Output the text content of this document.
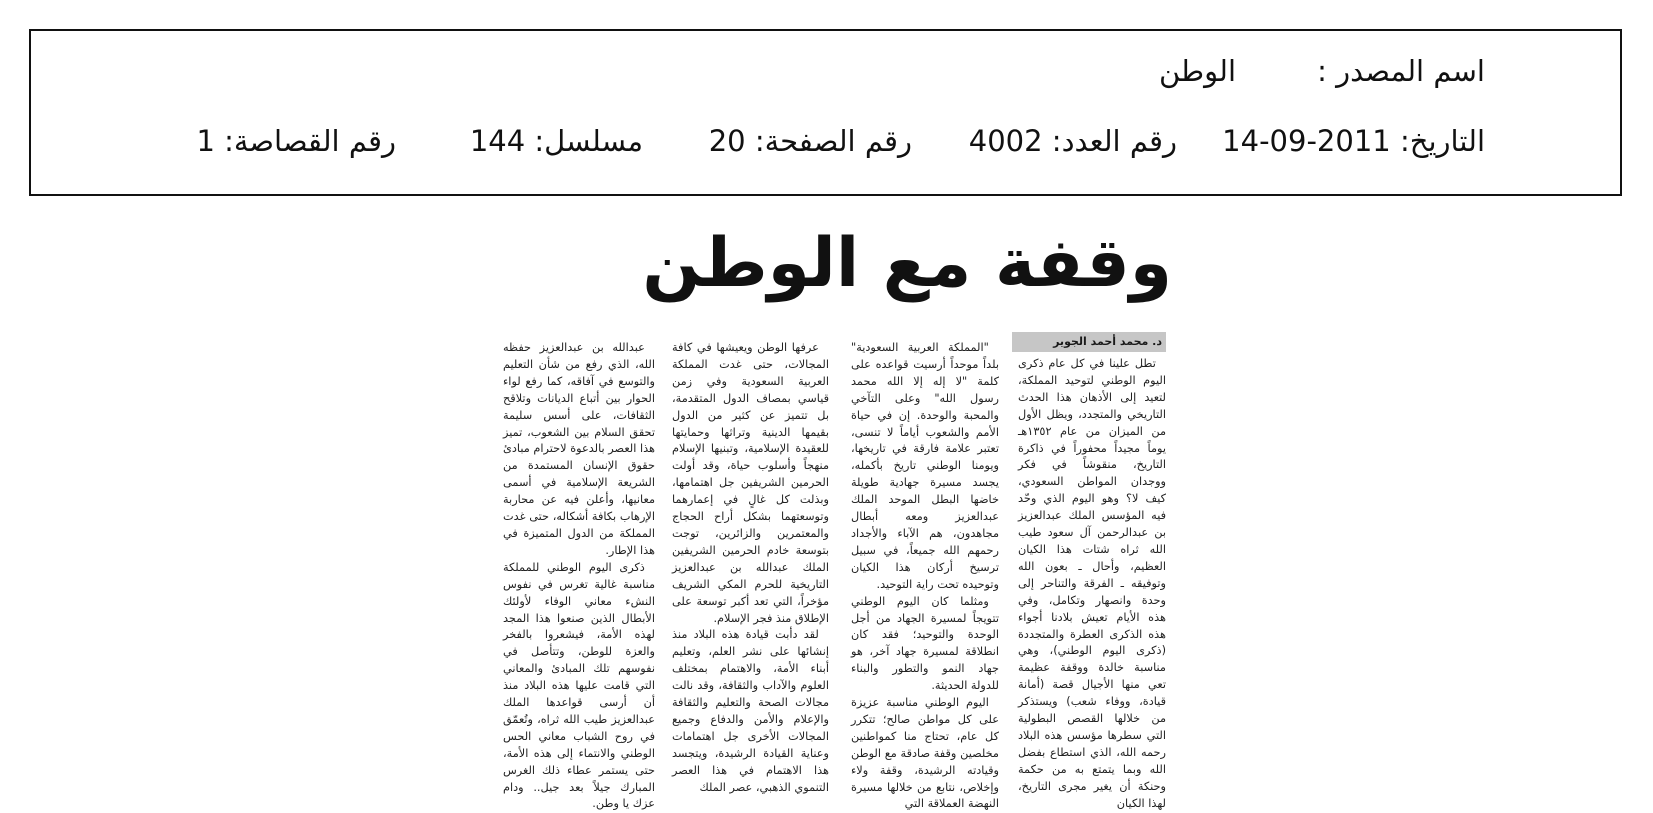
اسم المصدر :
الوطن
التاريخ: 2011-09-14
رقم العدد: 4002
رقم الصفحة: 20
مسلسل: 144
رقم القصاصة: 1
وقفة مع الوطن
د. محمد أحمد الجوير

تطل علينا في كل عام ذكرى اليوم الوطني لتوحيد المملكة، لتعيد إلى الأذهان هذا الحدث التاريخي والمتجدد، ويظل الأول من الميزان من عام ١٣٥٢هـ يوماً مجيداً محفوراً في ذاكرة التاريخ، منقوشاً في فكر ووجدان المواطن السعودي، كيف لا؟ وهو اليوم الذي وحّد فيه المؤسس الملك عبدالعزيز بن عبدالرحمن آل سعود طيب الله ثراه شتات هذا الكيان العظيم، وأحال ـ بعون الله وتوفيقه ـ الفرقة والتناحر إلى وحدة وانصهار وتكامل، وفي هذه الأيام تعيش بلادنا أجواء هذه الذكرى العطرة والمتجددة (ذكرى اليوم الوطني)، وهي مناسبة خالدة ووقفة عظيمة تعي منها الأجيال قصة (أمانة قيادة، ووفاء شعب) ويستذكر من خلالها القصص البطولية التي سطرها مؤسس هذه البلاد رحمه الله، الذي استطاع بفضل الله وبما يتمتع به من حكمة وحنكة أن يغير مجرى التاريخ، لهذا الكيان

"المملكة العربية السعودية" بلداً موحداً أرسيت قواعده على كلمة "لا إله إلا الله محمد رسول الله" وعلى التآخي والمحبة والوحدة. إن في حياة الأمم والشعوب أياماً لا تنسى، تعتبر علامة فارقة في تاريخها، ويومنا الوطني تاريخ بأكمله، يجسد مسيرة جهادية طويلة خاضها البطل الموحد الملك عبدالعزيز ومعه أبطال مجاهدون، هم الآباء والأجداد رحمهم الله جميعاً، في سبيل ترسيخ أركان هذا الكيان وتوحيده تحت راية التوحيد.

ومثلما كان اليوم الوطني تتويجاً لمسيرة الجهاد من أجل الوحدة والتوحيد؛ فقد كان انطلاقة لمسيرة جهاد آخر، هو جهاد النمو والتطور والبناء للدولة الحديثة.

اليوم الوطني مناسبة عزيزة على كل مواطن صالح؛ تتكرر كل عام، تحتاج منا كمواطنين مخلصين وقفة صادقة مع الوطن وقيادته الرشيدة، وقفة ولاء وإخلاص، نتابع من خلالها مسيرة النهضة العملاقة التي

عرفها الوطن ويعيشها في كافة المجالات، حتى غدت المملكة العربية السعودية وفي زمن قياسي بمصاف الدول المتقدمة، بل تتميز عن كثير من الدول بقيمها الدينية وتراثها وحمايتها للعقيدة الإسلامية، وتبنيها الإسلام منهجاً وأسلوب حياة، وقد أولت الحرمين الشريفين جل اهتمامها، وبذلت كل غالٍ في إعمارهما وتوسعتهما بشكل أراح الحجاج والمعتمرين والزائرين، توجت بتوسعة خادم الحرمين الشريفين الملك عبدالله بن عبدالعزيز التاريخية للحرم المكي الشريف مؤخراً، التي تعد أكبر توسعة على الإطلاق منذ فجر الإسلام.

لقد دأبت قيادة هذه البلاد منذ إنشائها على نشر العلم، وتعليم أبناء الأمة، والاهتمام بمختلف العلوم والآداب والثقافة، وقد نالت مجالات الصحة والتعليم والثقافة والإعلام والأمن والدفاع وجميع المجالات الأخرى جل اهتمامات وعناية القيادة الرشيدة، ويتجسد هذا الاهتمام في هذا العصر التنموي الذهبي، عصر الملك

عبدالله بن عبدالعزيز حفظه الله، الذي رفع من شأن التعليم والتوسع في آفاقه، كما رفع لواء الحوار بين أتباع الديانات وتلاقح الثقافات، على أسس سليمة تحقق السلام بين الشعوب، تميز هذا العصر بالدعوة لاحترام مبادئ حقوق الإنسان المستمدة من الشريعة الإسلامية في أسمى معانيها، وأعلن فيه عن محاربة الإرهاب بكافة أشكاله، حتى غدت المملكة من الدول المتميزة في هذا الإطار.

ذكرى اليوم الوطني للمملكة مناسبة غالية تغرس في نفوس النشء معاني الوفاء لأولئك الأبطال الذين صنعوا هذا المجد لهذه الأمة، فيشعروا بالفخر والعزة للوطن، وتتأصل في نفوسهم تلك المبادئ والمعاني التي قامت عليها هذه البلاد منذ أن أرسى قواعدها الملك عبدالعزيز طيب الله ثراه، وتُعمّق في روح الشباب معاني الحس الوطني والانتماء إلى هذه الأمة، حتى يستمر عطاء ذلك الغرس المبارك جيلاً بعد جيل.. ودام عزك يا وطن.
